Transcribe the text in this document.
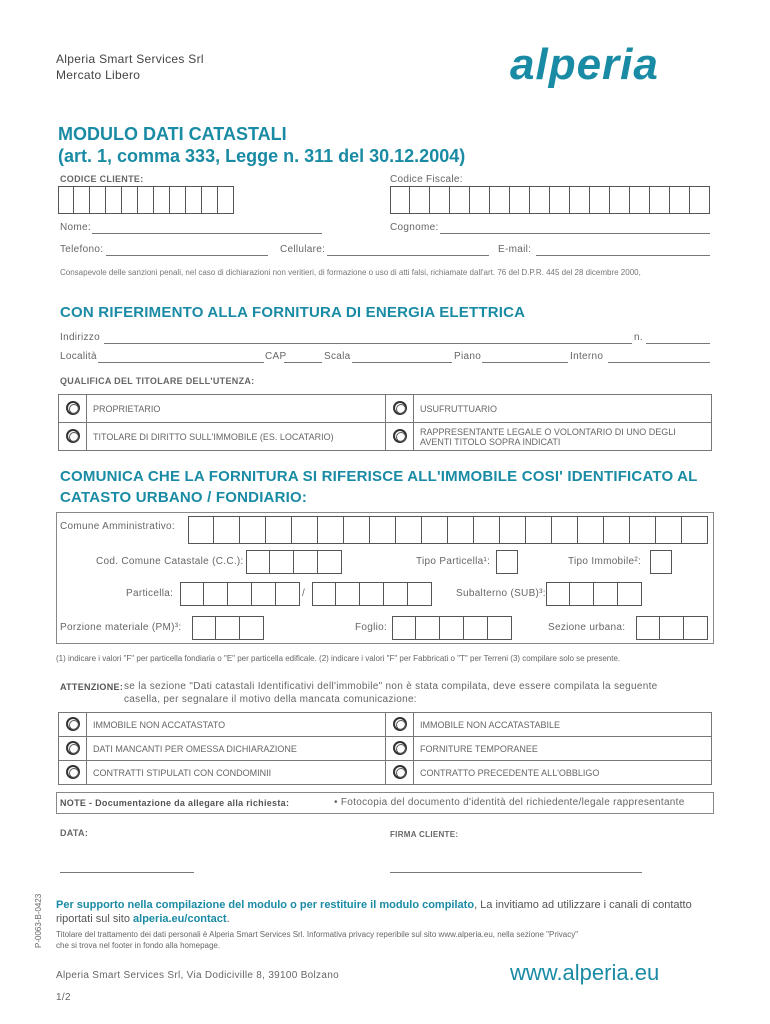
Alperia Smart Services Srl
Mercato Libero	alperia
MODULO DATI CATASTALI
(art. 1, comma 333, Legge n. 311 del 30.12.2004)
CODICE CLIENTE:	Codice Fiscale:
Nome:	Cognome:
Telefono:	Cellulare:	E-mail:
Consapevole delle sanzioni penali, nel caso di dichiarazioni non veritieri, di formazione o uso di atti falsi, richiamate dall'art. 76 del D.P.R. 445 del 28 dicembre 2000,
CON RIFERIMENTO ALLA FORNITURA DI ENERGIA ELETTRICA
Indirizzo	n.
Località	CAP	Scala	Piano	Interno
QUALIFICA DEL TITOLARE DELL'UTENZA:
	PROPRIETARIO		USUFRUTTUARIO
	TITOLARE DI DIRITTO SULL'IMMOBILE (ES. LOCATARIO)		RAPPRESENTANTE LEGALE O VOLONTARIO DI UNO DEGLI AVENTI TITOLO SOPRA INDICATI
COMUNICA CHE LA FORNITURA SI RIFERISCE ALL'IMMOBILE COSI' IDENTIFICATO AL
CATASTO URBANO / FONDIARIO:
Comune Amministrativo:
Cod. Comune Catastale (C.C.):	Tipo Particella¹:	Tipo Immobile²:
Particella:	/	Subalterno (SUB)³:
Porzione materiale (PM)³:	Foglio:	Sezione urbana:
(1) indicare i valori "F" per particella fondiaria o "E" per particella edificale. (2) indicare i valori "F" per Fabbricati o "T" per Terreni (3) compilare solo se presente.
ATTENZIONE: se la sezione "Dati catastali Identificativi dell'immobile" non è stata compilata, deve essere compilata la seguente
casella, per segnalare il motivo della mancata comunicazione:
	IMMOBILE NON ACCATASTATO		IMMOBILE NON ACCATASTABILE
	DATI MANCANTI PER OMESSA DICHIARAZIONE		FORNITURE TEMPORANEE
	CONTRATTI STIPULATI CON CONDOMINII		CONTRATTO PRECEDENTE ALL'OBBLIGO
NOTE - Documentazione da allegare alla richiesta:	• Fotocopia del documento d'identità del richiedente/legale rappresentante
DATA:	FIRMA CLIENTE:
P-0063-B-0423 Per supporto nella compilazione del modulo o per restituire il modulo compilato, La invitiamo ad utilizzare i canali di contatto
riportati sul sito alperia.eu/contact.
Titolare del trattamento dei dati personali è Alperia Smart Services Srl. Informativa privacy reperibile sul sito www.alperia.eu, nella sezione "Privacy"
che si trova nel footer in fondo alla homepage.
Alperia Smart Services Srl, Via Dodiciville 8, 39100 Bolzano	www.alperia.eu
1/2
